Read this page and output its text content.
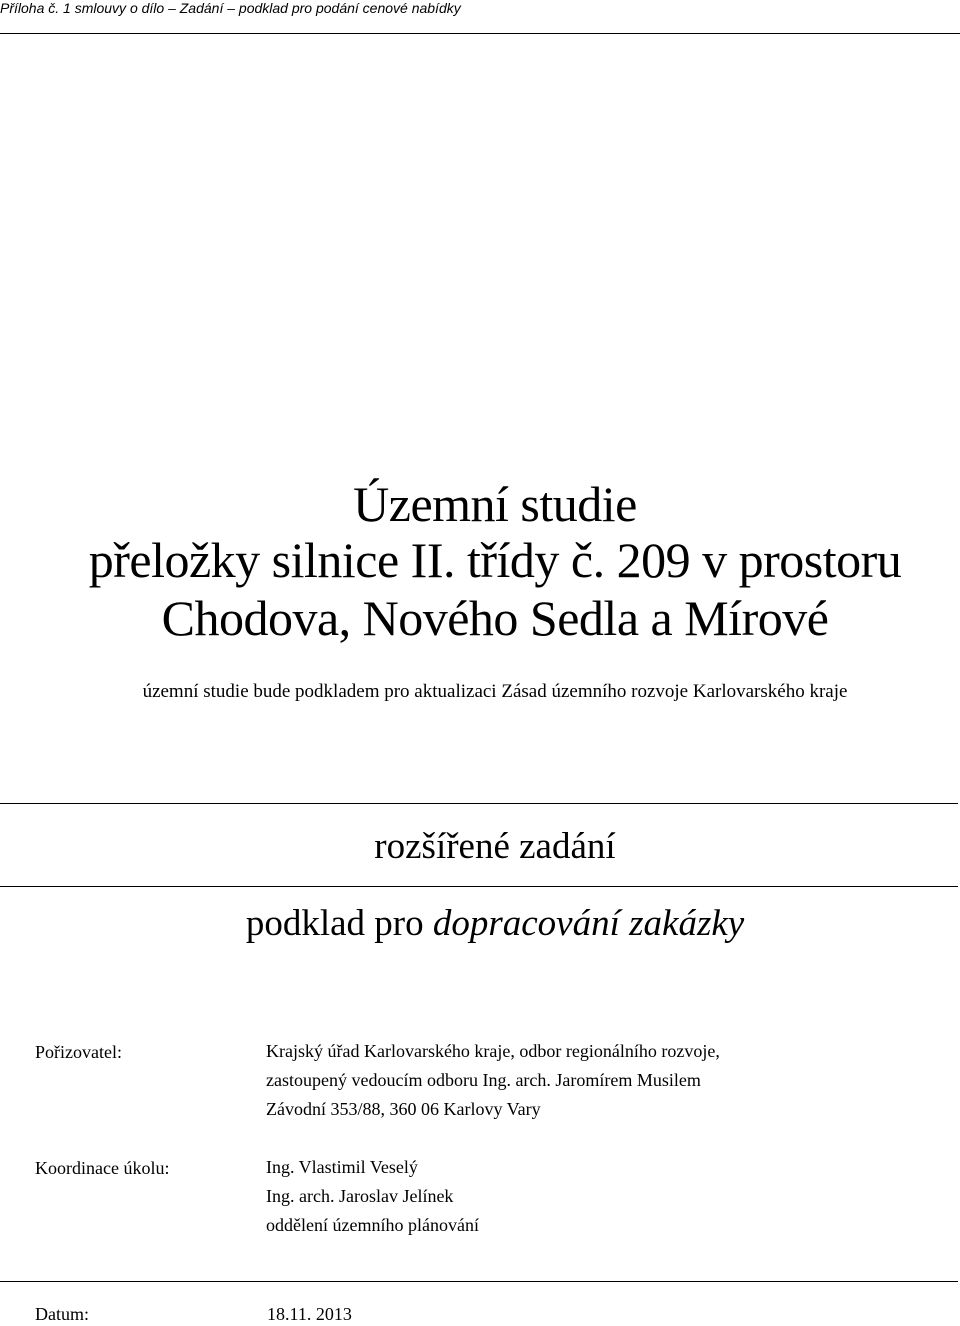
Příloha č. 1 smlouvy o dílo – Zadání – podklad pro podání cenové nabídky
Územní studie
přeložky silnice II. třídy č. 209 v prostoru
Chodova, Nového Sedla a Mírové
územní studie bude podkladem pro aktualizaci Zásad územního rozvoje Karlovarského kraje
rozšířené zadání
podklad pro dopracování zakázky
Pořizovatel:	Krajský úřad Karlovarského kraje, odbor regionálního rozvoje,
zastoupený vedoucím odboru Ing. arch. Jaromírem Musilem
Závodní 353/88, 360 06 Karlovy Vary
Koordinace úkolu:	Ing. Vlastimil Veselý
Ing. arch. Jaroslav Jelínek
oddělení územního plánování
Datum:	18.11. 2013
